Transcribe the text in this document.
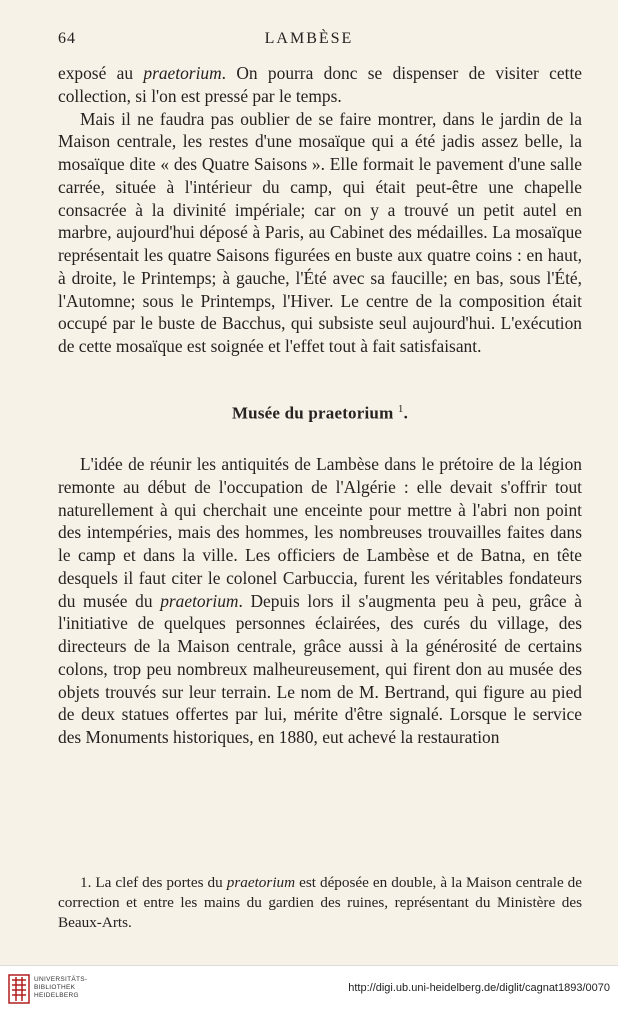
64	LAMBÈSE

exposé au praetorium. On pourra donc se dispenser de visiter cette collection, si l'on est pressé par le temps.

Mais il ne faudra pas oublier de se faire montrer, dans le jardin de la Maison centrale, les restes d'une mosaïque qui a été jadis assez belle, la mosaïque dite « des Quatre Saisons ». Elle formait le pavement d'une salle carrée, située à l'intérieur du camp, qui était peut-être une chapelle consacrée à la divinité impériale; car on y a trouvé un petit autel en marbre, aujourd'hui déposé à Paris, au Cabinet des médailles. La mosaïque représentait les quatre Saisons figurées en buste aux quatre coins : en haut, à droite, le Printemps; à gauche, l'Été avec sa faucille; en bas, sous l'Été, l'Automne; sous le Printemps, l'Hiver. Le centre de la composition était occupé par le buste de Bacchus, qui subsiste seul aujourd'hui. L'exécution de cette mosaïque est soignée et l'effet tout à fait satisfaisant.

Musée du praetorium $^1$.

L'idée de réunir les antiquités de Lambèse dans le prétoire de la légion remonte au début de l'occupation de l'Algérie : elle devait s'offrir tout naturellement à qui cherchait une enceinte pour mettre à l'abri non point des intempéries, mais des hommes, les nombreuses trouvailles faites dans le camp et dans la ville. Les officiers de Lambèse et de Batna, en tête desquels il faut citer le colonel Carbuccia, furent les véritables fondateurs du musée du praetorium. Depuis lors il s'augmenta peu à peu, grâce à l'initiative de quelques personnes éclairées, des curés du village, des directeurs de la Maison centrale, grâce aussi à la générosité de certains colons, trop peu nombreux malheureusement, qui firent don au musée des objets trouvés sur leur terrain. Le nom de M. Bertrand, qui figure au pied de deux statues offertes par lui, mérite d'être signalé. Lorsque le service des Monuments historiques, en 1880, eut achevé la restauration

1. La clef des portes du praetorium est déposée en double, à la Maison centrale de correction et entre les mains du gardien des ruines, représentant du Ministère des Beaux-Arts.

UNIVERSITÄTS-
BIBLIOTHEK
HEIDELBERG
http://digi.ub.uni-heidelberg.de/diglit/cagnat1893/0070
